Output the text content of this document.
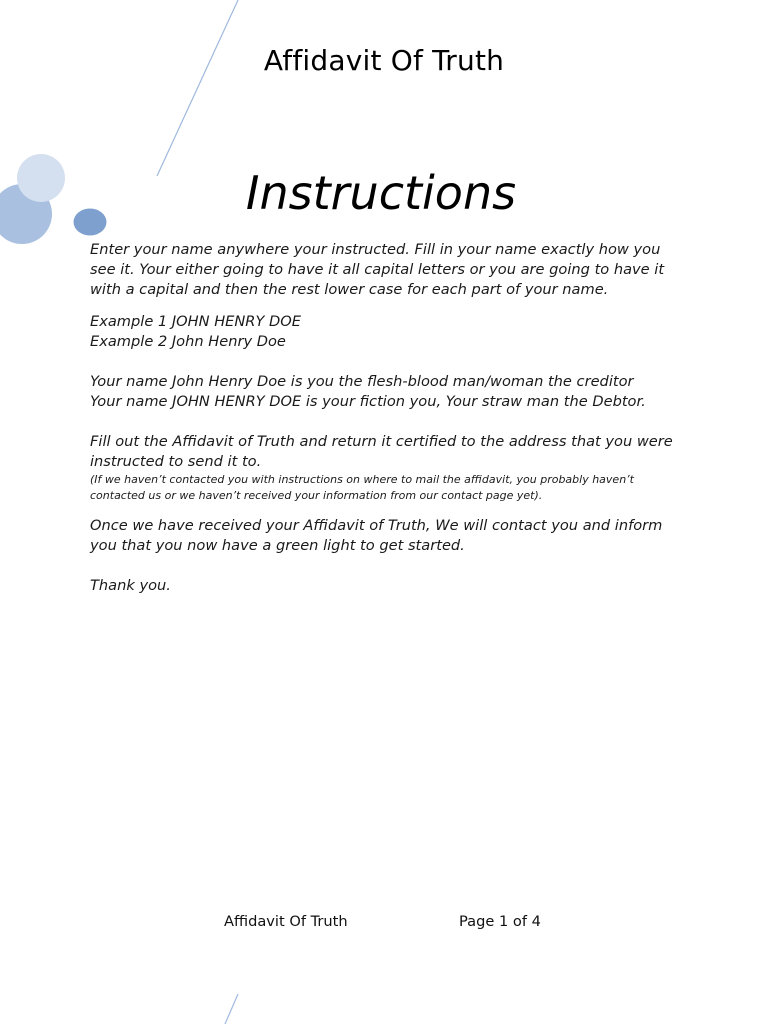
Affidavit Of Truth
Instructions

Enter your name anywhere your instructed. Fill in your name exactly how you see it. Your either going to have it all capital letters or you are going to have it with a capital and then the rest lower case for each part of your name.

Example 1 JOHN HENRY DOE

Example 2 John Henry Doe

Your name John Henry Doe is you the flesh-blood man/woman the creditor

Your name JOHN HENRY DOE is your fiction you, Your straw man the Debtor.

Fill out the Affidavit of Truth and return it certified to the address that you were instructed to send it to.

(If we haven’t contacted you with instructions on where to mail the affidavit, you probably haven’t contacted us or we haven’t received your information from our contact page yet).

Once we have received your Affidavit of Truth, We will contact you and inform you that you now have a green light to get started.

Thank you.

Affidavit Of Truth	Page 1 of 4
